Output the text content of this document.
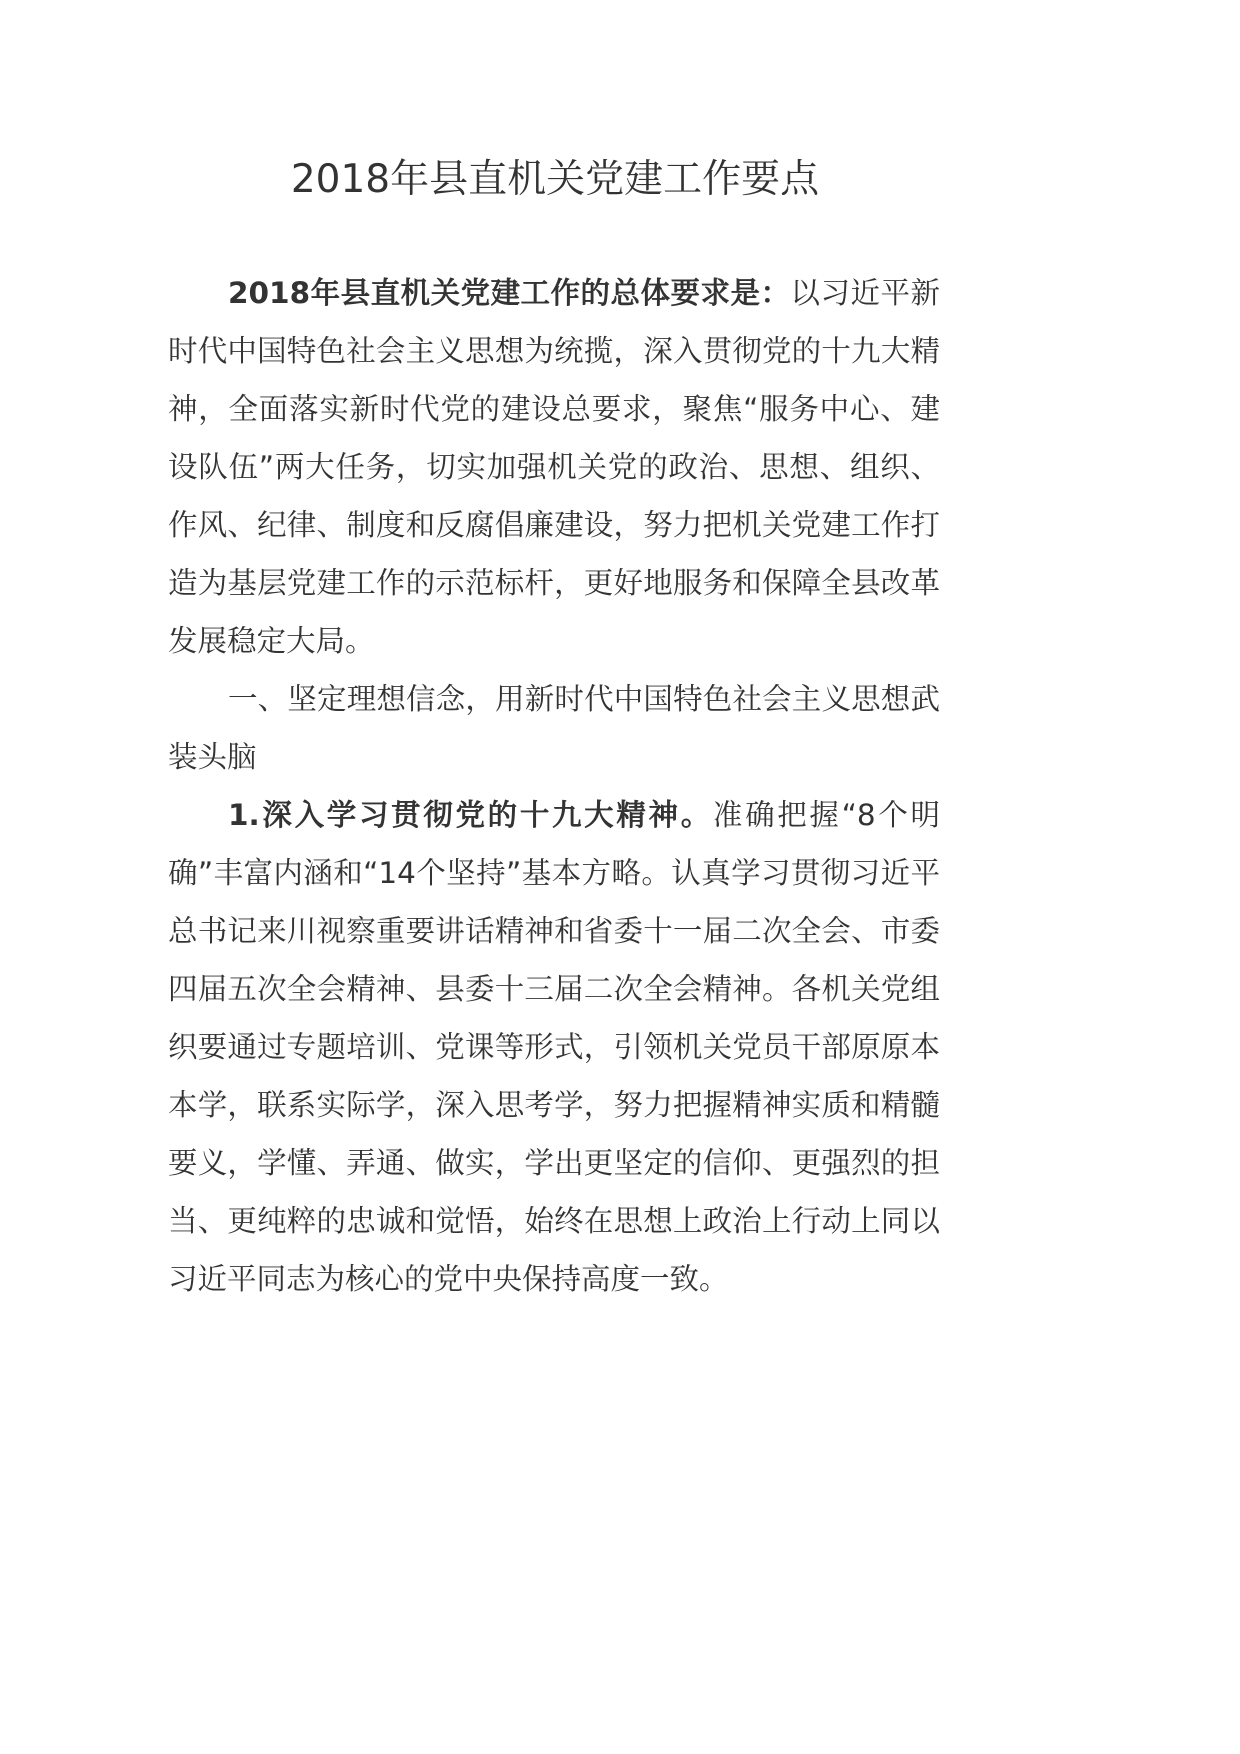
2018年县直机关党建工作要点

2018年县直机关党建工作的总体要求是：以习近平新时代中国特色社会主义思想为统揽，深入贯彻党的十九大精神，全面落实新时代党的建设总要求，聚焦“服务中心、建设队伍”两大任务，切实加强机关党的政治、思想、组织、作风、纪律、制度和反腐倡廉建设，努力把机关党建工作打造为基层党建工作的示范标杆，更好地服务和保障全县改革发展稳定大局。

一、坚定理想信念，用新时代中国特色社会主义思想武装头脑

1.深入学习贯彻党的十九大精神。准确把握“8个明确”丰富内涵和“14个坚持”基本方略。认真学习贯彻习近平总书记来川视察重要讲话精神和省委十一届二次全会、市委四届五次全会精神、县委十三届二次全会精神。各机关党组织要通过专题培训、党课等形式，引领机关党员干部原原本本学，联系实际学，深入思考学，努力把握精神实质和精髓要义，学懂、弄通、做实，学出更坚定的信仰、更强烈的担当、更纯粹的忠诚和觉悟，始终在思想上政治上行动上同以习近平同志为核心的党中央保持高度一致。
